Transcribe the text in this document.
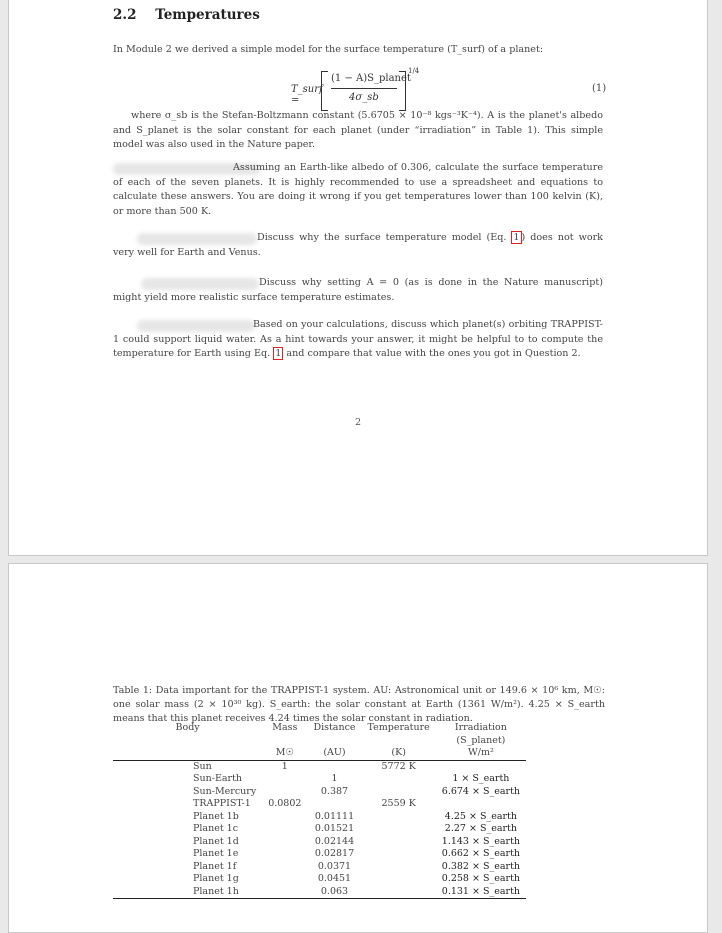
2.2 Temperatures
In Module 2 we derived a simple model for the surface temperature (T_surf) of a planet:
T_surf =
(1 − A)S_planet
4σ_sb
1/4
(1)
where σ_sb is the Stefan-Boltzmann constant (5.6705 × 10⁻⁸ kgs⁻³K⁻⁴). A is the planet's albedo and S_planet is the solar constant for each planet (under “irradiation” in Table 1). This simple model was also used in the Nature paper.
Assuming an Earth-like albedo of 0.306, calculate the surface temperature of each of the seven planets. It is highly recommended to use a spreadsheet and equations to calculate these answers. You are doing it wrong if you get temperatures lower than 100 kelvin (K), or more than 500 K.
Discuss why the surface temperature model (Eq. 1 ) does not work very well for Earth and Venus.
Discuss why setting A = 0 (as is done in the Nature manuscript) might yield more realistic surface temperature estimates.
Based on your calculations, discuss which planet(s) orbiting TRAPPIST-1 could support liquid water. As a hint towards your answer, it might be helpful to to compute the temperature for Earth using Eq. 1 and compare that value with the ones you got in Question 2.
2
Table 1: Data important for the TRAPPIST-1 system. AU: Astronomical unit or 149.6 × 10⁶ km, M☉: one solar mass (2 × 10³⁰ kg). S_earth: the solar constant at Earth (1361 W/m²). 4.25 × S_earth means that this planet receives 4.24 times the solar constant in radiation.
Body	Mass	Distance	Temperature	Irradiation
(S_planet)

	M☉	(AU)	(K)	W/m²
Sun	1		5772 K	
Sun-Earth		1		1 × S_earth
Sun-Mercury		0.387		6.674 × S_earth
TRAPPIST-1	0.0802		2559 K	
Planet 1b		0.01111		4.25 × S_earth
Planet 1c		0.01521		2.27 × S_earth
Planet 1d		0.02144		1.143 × S_earth
Planet 1e		0.02817		0.662 × S_earth
Planet 1f		0.0371		0.382 × S_earth
Planet 1g		0.0451		0.258 × S_earth
Planet 1h		0.063		0.131 × S_earth
